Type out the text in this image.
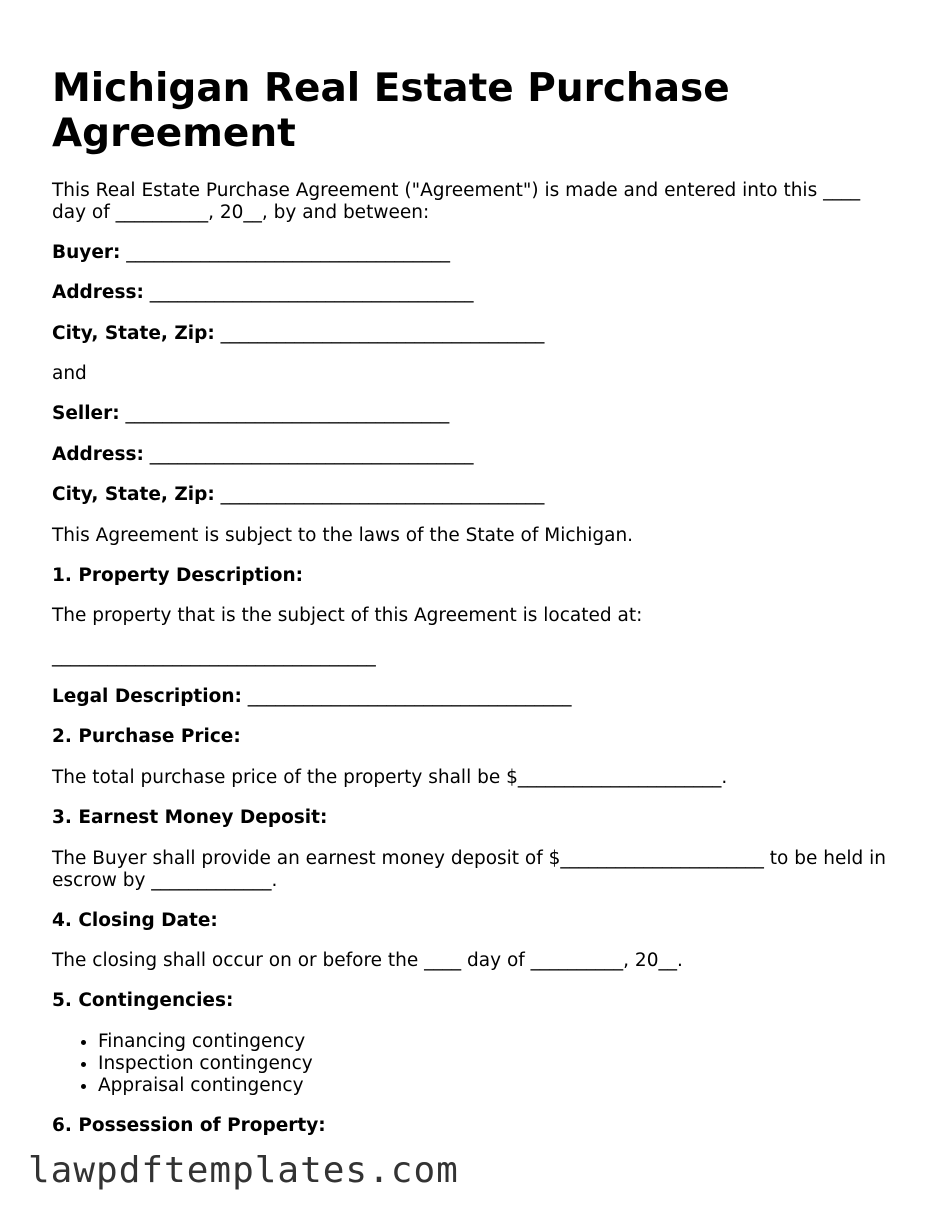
Michigan Real Estate Purchase Agreement

This Real Estate Purchase Agreement ("Agreement") is made and entered into this ____ day of __________, 20__, by and between:

Buyer: ___________________________________

Address: ___________________________________

City, State, Zip: ___________________________________

and

Seller: ___________________________________

Address: ___________________________________

City, State, Zip: ___________________________________

This Agreement is subject to the laws of the State of Michigan.

1. Property Description:

The property that is the subject of this Agreement is located at:

___________________________________

Legal Description: ___________________________________

2. Purchase Price:

The total purchase price of the property shall be $______________________.

3. Earnest Money Deposit:

The Buyer shall provide an earnest money deposit of $______________________ to be held in escrow by _____________.

4. Closing Date:

The closing shall occur on or before the ____ day of __________, 20__.

5. Contingencies:

• Financing contingency
• Inspection contingency
• Appraisal contingency

6. Possession of Property:

lawpdftemplates.com
